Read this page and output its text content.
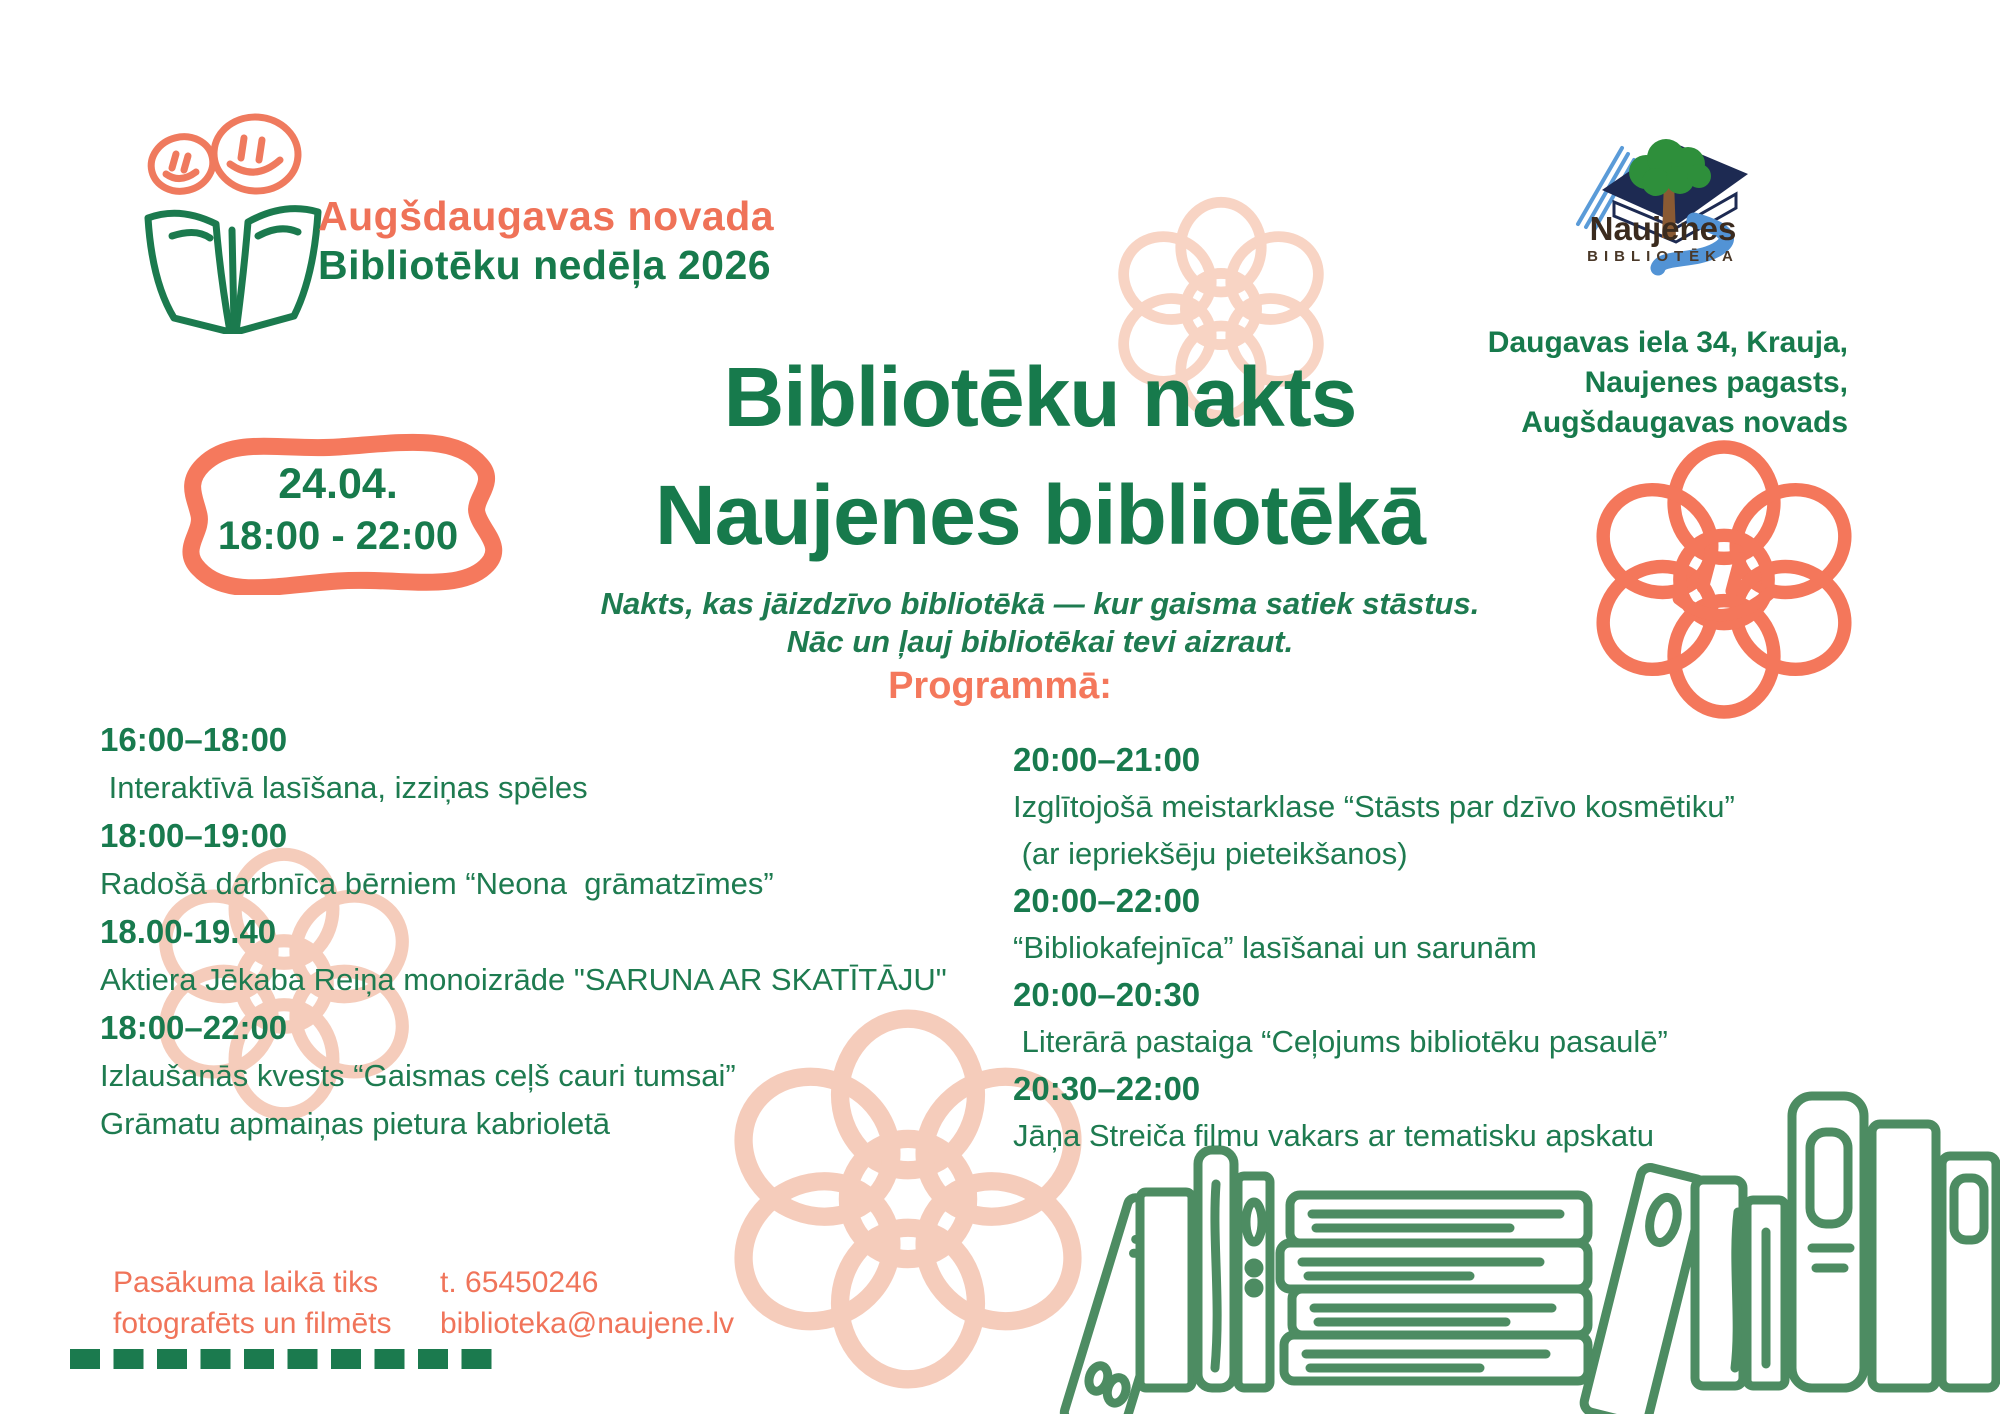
Naujenes
BIBLIOTĒKA
Augšdaugavas novada
Bibliotēku nedēļa 2026
Daugavas iela 34, Krauja,
Naujenes pagasts,
Augšdaugavas novads
24.04.
18:00 - 22:00
Bibliotēku nakts
Naujenes bibliotēkā
Nakts, kas jāizdzīvo bibliotēkā — kur gaisma satiek stāstus.
Nāc un ļauj bibliotēkai tevi aizraut.
Programmā:
16:00–18:00
Interaktīvā lasīšana, izziņas spēles
18:00–19:00
Radošā darbnīca bērniem “Neona  grāmatzīmes”
18.00-19.40
Aktiera Jēkaba Reiņa monoizrāde "SARUNA AR SKATĪTĀJU"
18:00–22:00
Izlaušanās kvests “Gaismas ceļš cauri tumsai”
Grāmatu apmaiņas pietura kabrioletā
20:00–21:00
Izglītojošā meistarklase “Stāsts par dzīvo kosmētiku”
(ar iepriekšēju pieteikšanos)
20:00–22:00
“Bibliokafejnīca” lasīšanai un sarunām
20:00–20:30
Literārā pastaiga “Ceļojums bibliotēku pasaulē”
20:30–22:00
Jāņa Streiča filmu vakars ar tematisku apskatu
Pasākuma laikā tiks
fotografēts un filmēts
t. 65450246
biblioteka@naujene.lv
